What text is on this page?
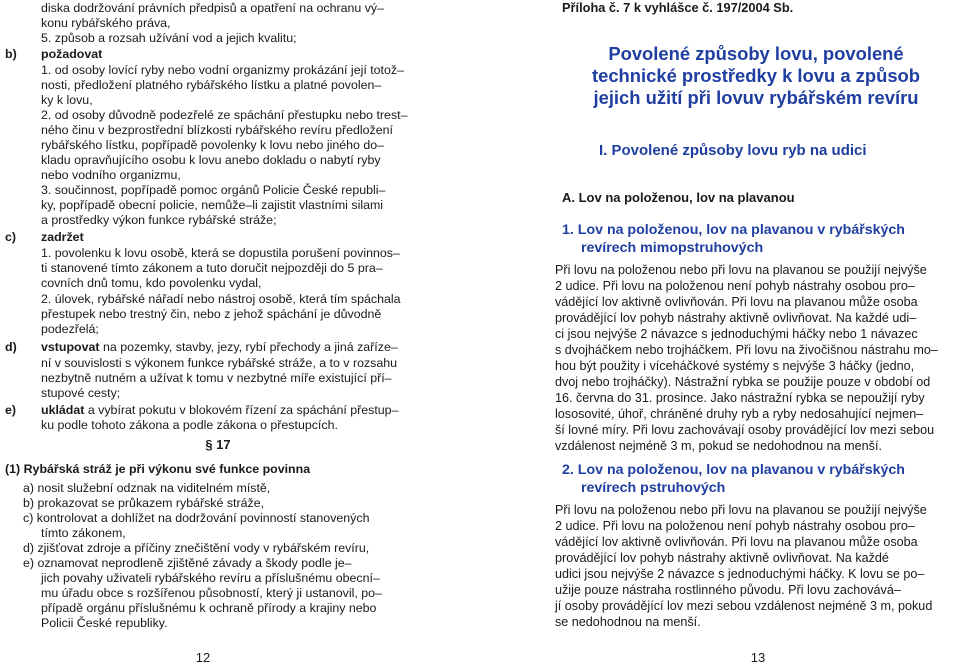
diska dodržování právních předpisů a opatření na ochranu vý–
konu rybářského práva,
5. způsob a rozsah užívání vod a jejich kvalitu;
b) požadovat
1. od osoby lovící ryby nebo vodní organizmy prokázání její totož–
nosti, předložení platného rybářského lístku a platné povolen–
ky k lovu,
2. od osoby důvodně podezřelé ze spáchání přestupku nebo trest–
ného činu v bezprostřední blízkosti rybářského revíru předložení
rybářského lístku, popřípadě povolenky k lovu nebo jiného do–
kladu opravňujícího osobu k lovu anebo dokladu o nabytí ryby
nebo vodního organizmu,
3. součinnost, popřípadě pomoc orgánů Policie České republi–
ky, popřípadě obecní policie, nemůže–li zajistit vlastními silami
a prostředky výkon funkce rybářské stráže;
c) zadržet
1. povolenku k lovu osobě, která se dopustila porušení povinnos–
ti stanovené tímto zákonem a tuto doručit nejpozději do 5 pra–
covních dnů tomu, kdo povolenku vydal,
2. úlovek, rybářské nářadí nebo nástroj osobě, která tím spáchala
přestupek nebo trestný čin, nebo z jehož spáchání je důvodně
podezřelá;
d) vstupovat na pozemky, stavby, jezy, rybí přechody a jiná zaříze–
ní v souvislosti s výkonem funkce rybářské stráže, a to v rozsahu
nezbytně nutném a užívat k tomu v nezbytné míře existující pří–
stupové cesty;
e) ukládat a vybírat pokutu v blokovém řízení za spáchání přestup–
ku podle tohoto zákona a podle zákona o přestupcích.
§ 17
(1) Rybářská stráž je při výkonu své funkce povinna
a) nosit služební odznak na viditelném místě,
b) prokazovat se průkazem rybářské stráže,
c) kontrolovat a dohlížet na dodržování povinností stanovených
tímto zákonem,
d) zjišťovat zdroje a příčiny znečištění vody v rybářském revíru,
e) oznamovat neprodleně zjištěné závady a škody podle je–
jich povahy uživateli rybářského revíru a příslušnému obecní–
mu úřadu obce s rozšířenou působností, který ji ustanovil, po–
případě orgánu příslušnému k ochraně přírody a krajiny nebo
Policii České republiky.
12
Příloha č. 7 k vyhlášce č. 197/2004 Sb.
Povolené způsoby lovu, povolené
technické prostředky k lovu a způsob
jejich užití při lovuv rybářském revíru
I. Povolené způsoby lovu ryb na udici
A. Lov na položenou, lov na plavanou
1. Lov na položenou, lov na plavanou v rybářských
revírech mimopstruhových
Při lovu na položenou nebo při lovu na plavanou se použijí nejvýše
2 udice. Při lovu na položenou není pohyb nástrahy osobou pro–
vádějící lov aktivně ovlivňován. Při lovu na plavanou může osoba
provádějící lov pohyb nástrahy aktivně ovlivňovat. Na každé udi–
ci jsou nejvýše 2 návazce s jednoduchými háčky nebo 1 návazec
s dvojháčkem nebo trojháčkem. Při lovu na živočišnou nástrahu mo–
hou být použity i víceháčkové systémy s nejvýše 3 háčky (jedno,
dvoj nebo trojháčky). Nástražní rybka se použije pouze v období od
16. června do 31. prosince. Jako nástražní rybka se nepoužijí ryby
lososovité, úhoř, chráněné druhy ryb a ryby nedosahující nejmen–
ší lovné míry. Při lovu zachovávají osoby provádějící lov mezi sebou
vzdálenost nejméně 3 m, pokud se nedohodnou na menší.
2. Lov na položenou, lov na plavanou v rybářských
revírech pstruhových
Při lovu na položenou nebo při lovu na plavanou se použijí nejvýše
2 udice. Při lovu na položenou není pohyb nástrahy osobou pro–
vádějící lov aktivně ovlivňován. Při lovu na plavanou může osoba
provádějící lov pohyb nástrahy aktivně ovlivňovat. Na každé
udici jsou nejvýše 2 návazce s jednoduchými háčky. K lovu se po–
užije pouze nástraha rostlinného původu. Při lovu zachovává–
jí osoby provádějící lov mezi sebou vzdálenost nejméně 3 m, pokud
se nedohodnou na menší.
13
